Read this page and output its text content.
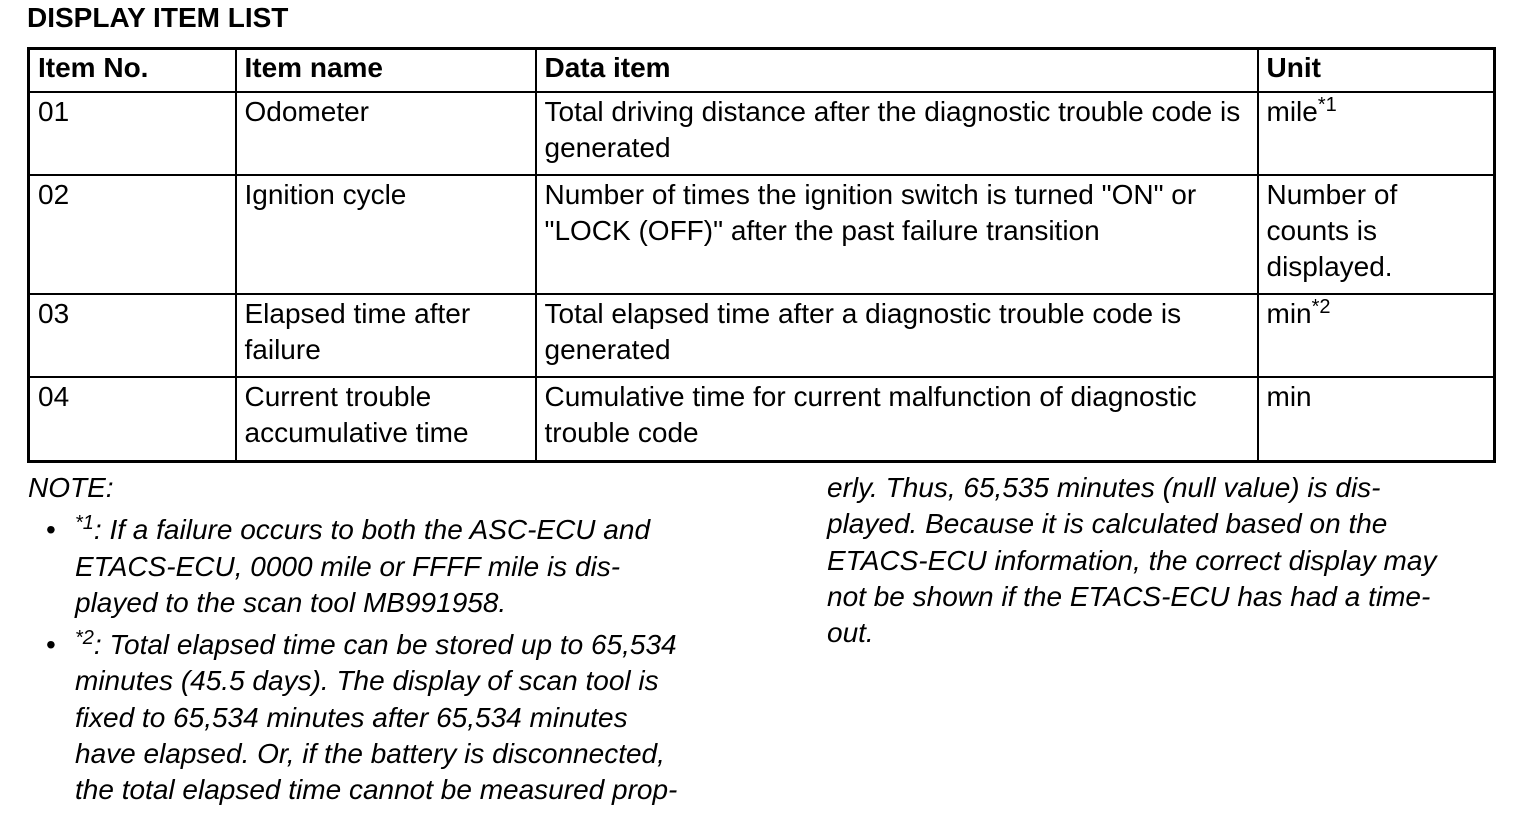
DISPLAY ITEM LIST
Item No.	Item name	Data item	Unit
01	Odometer	Total driving distance after the diagnostic trouble code is generated	mile$^{*1}$
02	Ignition cycle	Number of times the ignition switch is turned "ON" or "LOCK (OFF)" after the past failure transition	Number of counts is displayed.
03	Elapsed time after failure	Total elapsed time after a diagnostic trouble code is generated	$\min^{*2}$
04	Current trouble accumulative time	Cumulative time for current malfunction of diagnostic trouble code	min
NOTE:
• $^{*1}$: If a failure occurs to both the ASC-ECU and
ETACS-ECU, 0000 mile or FFFF mile is dis-
played to the scan tool MB991958.
• $^{*2}$: Total elapsed time can be stored up to 65,534
minutes (45.5 days). The display of scan tool is
fixed to 65,534 minutes after 65,534 minutes
have elapsed. Or, if the battery is disconnected,
the total elapsed time cannot be measured prop-
erly. Thus, 65,535 minutes (null value) is dis-
played. Because it is calculated based on the
ETACS-ECU information, the correct display may
not be shown if the ETACS-ECU has had a time-
out.
